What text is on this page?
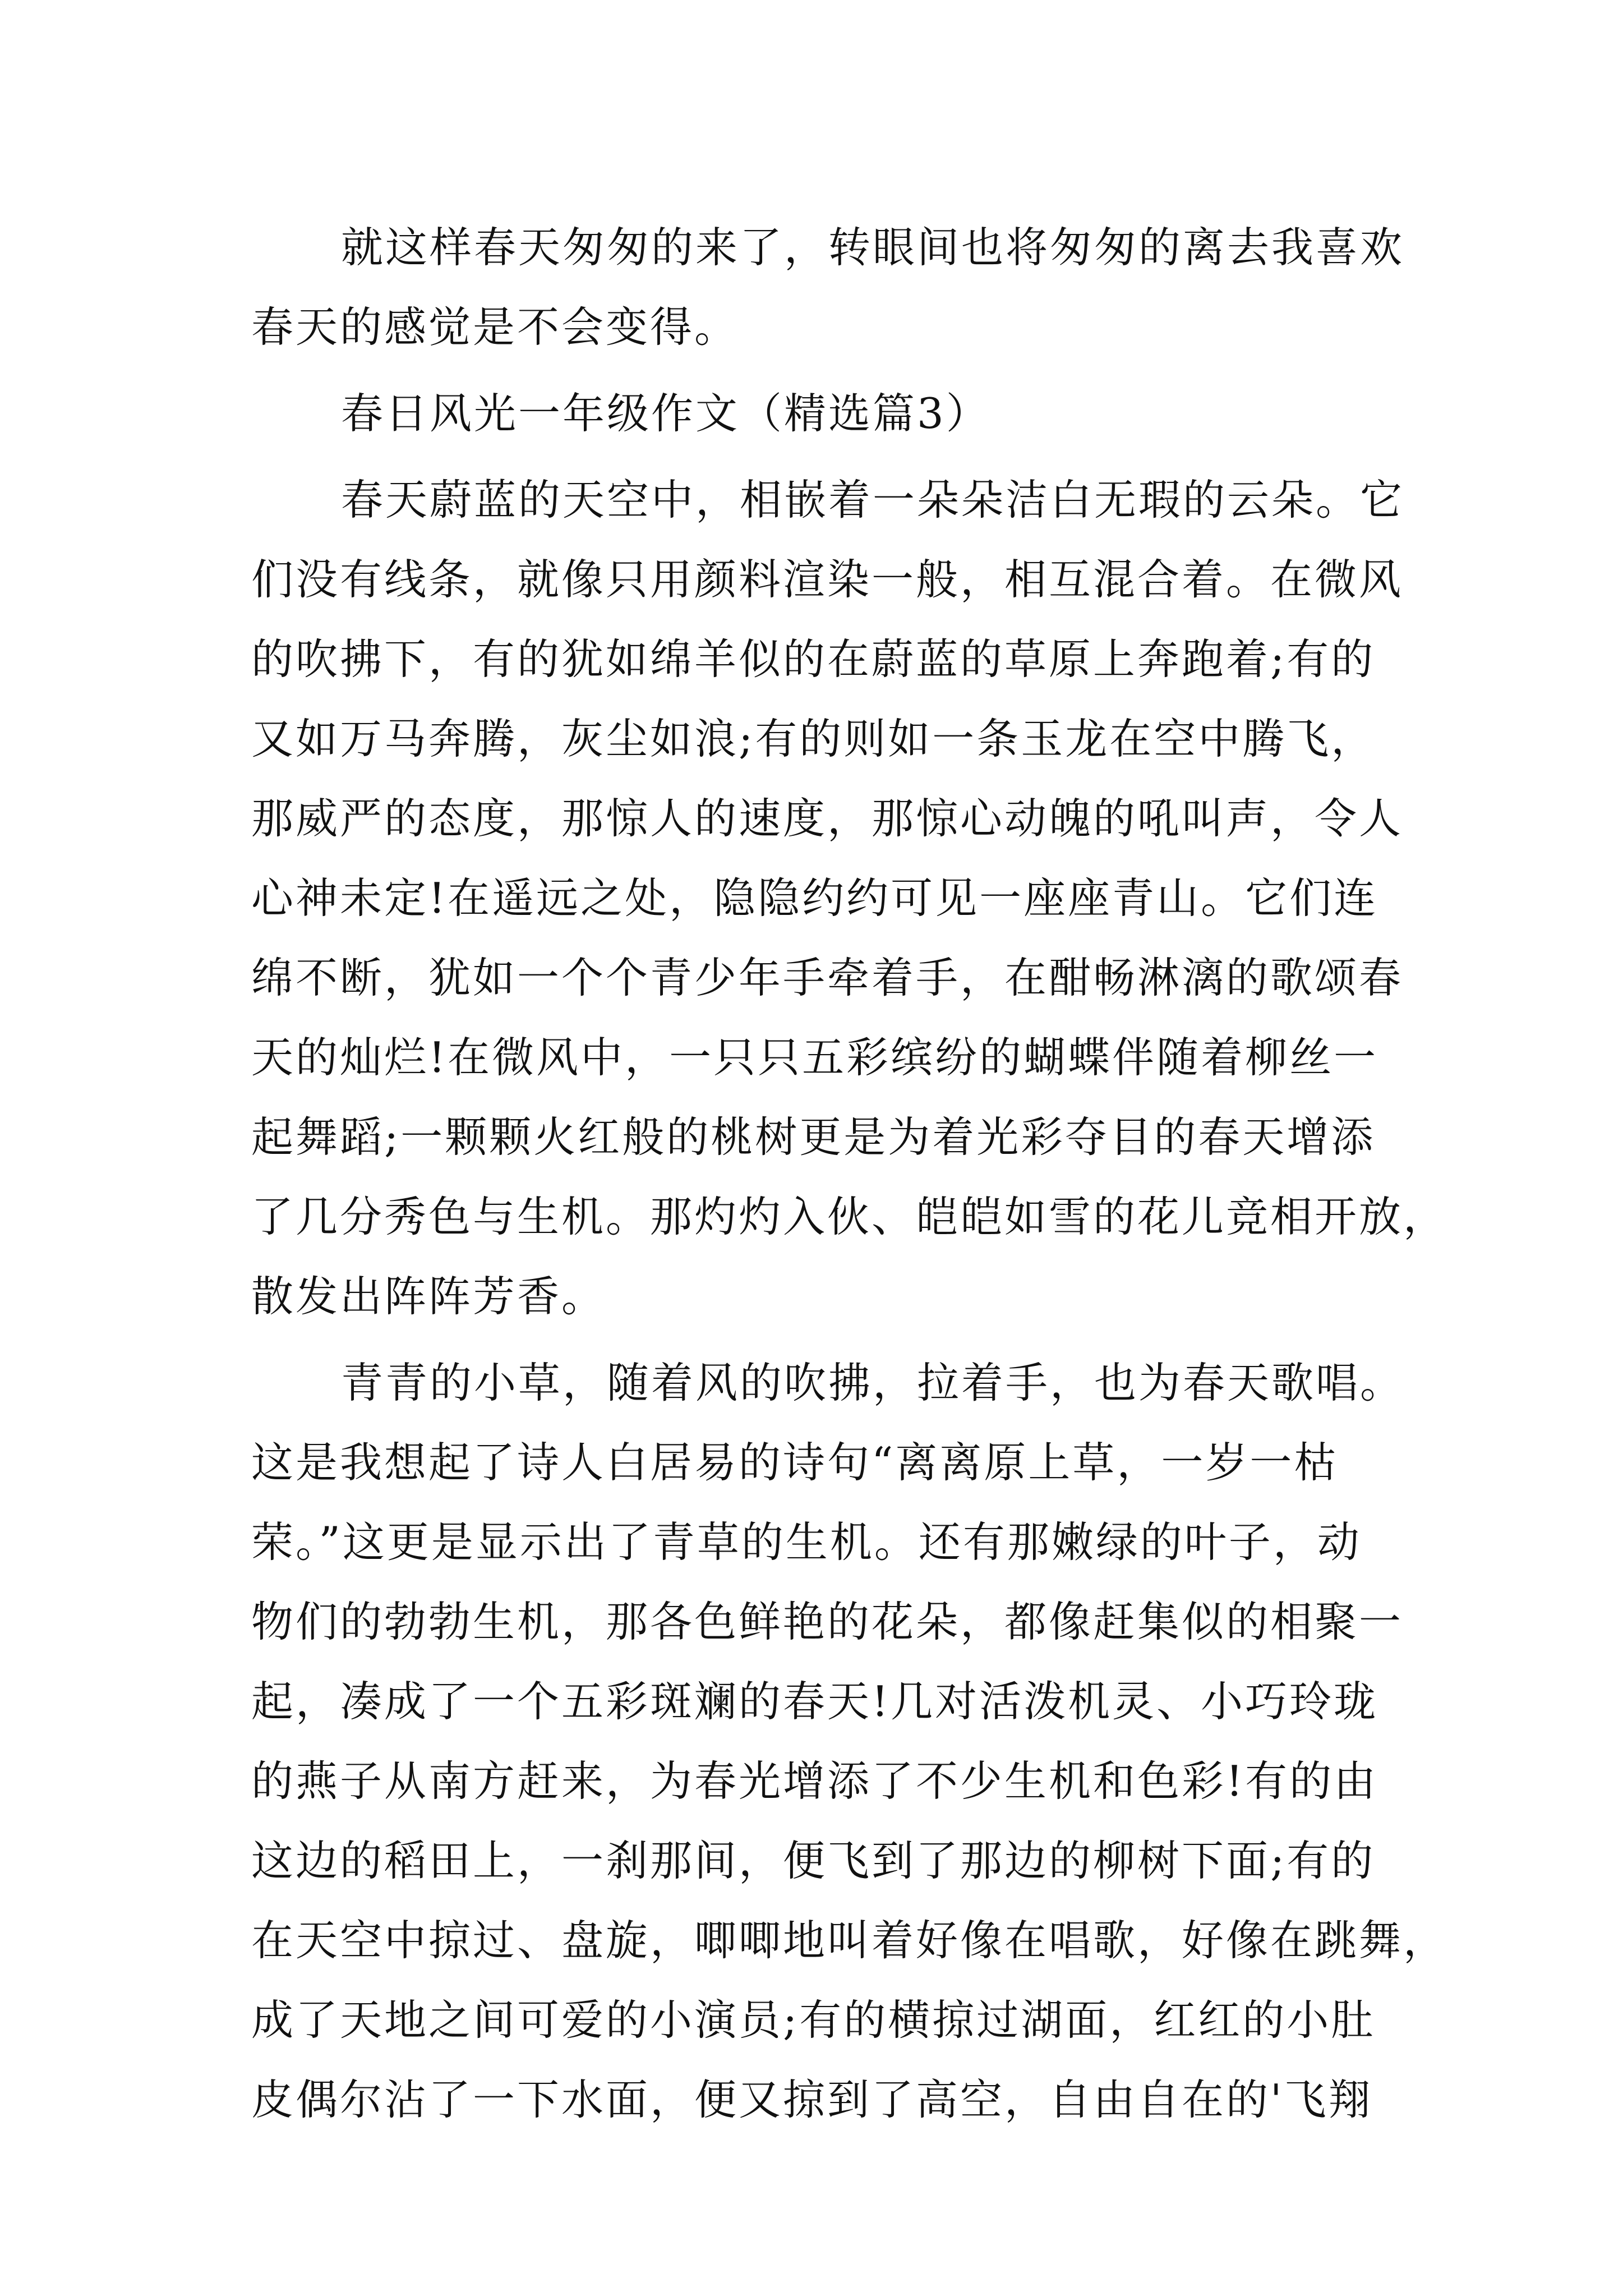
就这样春天匆匆的来了，转眼间也将匆匆的离去我喜欢
春天的感觉是不会变得。
春日风光一年级作文（精选篇3）
春天蔚蓝的天空中，相嵌着一朵朵洁白无瑕的云朵。它
们没有线条，就像只用颜料渲染一般，相互混合着。在微风
的吹拂下，有的犹如绵羊似的在蔚蓝的草原上奔跑着;有的
又如万马奔腾，灰尘如浪;有的则如一条玉龙在空中腾飞，
那威严的态度，那惊人的速度，那惊心动魄的吼叫声，令人
心神未定!在遥远之处，隐隐约约可见一座座青山。它们连
绵不断，犹如一个个青少年手牵着手，在酣畅淋漓的歌颂春
天的灿烂!在微风中，一只只五彩缤纷的蝴蝶伴随着柳丝一
起舞蹈;一颗颗火红般的桃树更是为着光彩夺目的春天增添
了几分秀色与生机。那灼灼入伙、皑皑如雪的花儿竞相开放，
散发出阵阵芳香。
青青的小草，随着风的吹拂，拉着手，也为春天歌唱。
这是我想起了诗人白居易的诗句“离离原上草，一岁一枯
荣。”这更是显示出了青草的生机。还有那嫩绿的叶子，动
物们的勃勃生机，那各色鲜艳的花朵，都像赶集似的相聚一
起，凑成了一个五彩斑斓的春天!几对活泼机灵、小巧玲珑
的燕子从南方赶来，为春光增添了不少生机和色彩!有的由
这边的稻田上，一刹那间，便飞到了那边的柳树下面;有的
在天空中掠过、盘旋，唧唧地叫着好像在唱歌，好像在跳舞，
成了天地之间可爱的小演员;有的横掠过湖面，红红的小肚
皮偶尔沾了一下水面，便又掠到了高空，自由自在的'飞翔
